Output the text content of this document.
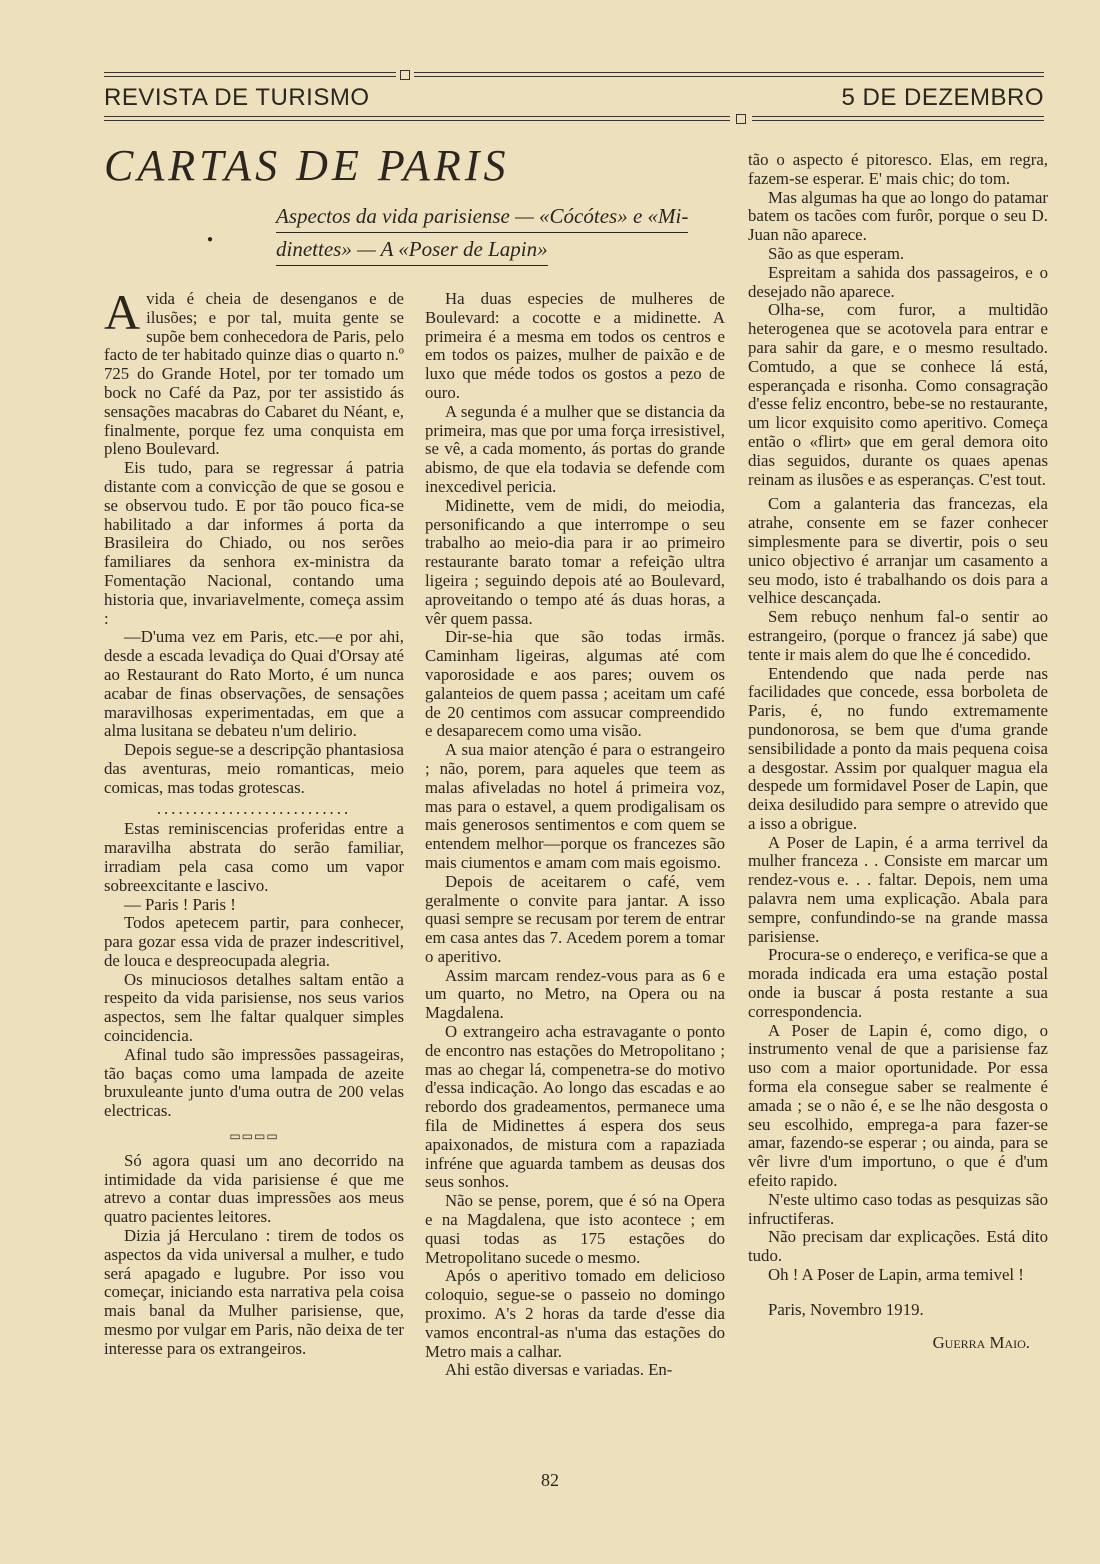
REVISTA DE TURISMO	5 DE DEZEMBRO
CARTAS DE PARIS
●
Aspectos da vida parisiense — «Cócótes» e «Mi-
dinettes» — A «Poser de Lapin»

Avida é cheia de desenganos e de ilusões; e por tal, muita gente se supõe bem conhecedora de Paris, pelo facto de ter habitado quinze dias o quarto n.º 725 do Grande Hotel, por ter tomado um bock no Café da Paz, por ter assistido ás sensações macabras do Cabaret du Néant, e, finalmente, porque fez uma conquista em pleno Boulevard.

Eis tudo, para se regressar á patria distante com a convicção de que se gosou e se observou tudo. E por tão pouco fica-se habilitado a dar informes á porta da Brasileira do Chiado, ou nos serões familiares da senhora ex-ministra da Fomentação Nacional, contando uma historia que, invariavelmente, começa assim :

—D'uma vez em Paris, etc.—e por ahi, desde a escada levadiça do Quai d'Orsay até ao Restaurant do Rato Morto, é um nunca acabar de finas observações, de sensações maravilhosas experimentadas, em que a alma lusitana se debateu n'um delirio.

Depois segue-se a descripção phantasiosa das aventuras, meio romanticas, meio comicas, mas todas grotescas.

...........................

Estas reminiscencias proferidas entre a maravilha abstrata do serão familiar, irradiam pela casa como um vapor sobreexcitante e lascivo.

— Paris ! Paris !

Todos apetecem partir, para conhecer, para gozar essa vida de prazer indescritivel, de louca e despreocupada alegria.

Os minuciosos detalhes saltam então a respeito da vida parisiense, nos seus varios aspectos, sem lhe faltar qualquer simples coincidencia.

Afinal tudo são impressões passageiras, tão baças como uma lampada de azeite bruxuleante junto d'uma outra de 200 velas electricas.

▭▭▭▭

Só agora quasi um ano decorrido na intimidade da vida parisiense é que me atrevo a contar duas impressões aos meus quatro pacientes leitores.

Dizia já Herculano : tirem de todos os aspectos da vida universal a mulher, e tudo será apagado e lugubre. Por isso vou começar, iniciando esta narrativa pela coisa mais banal da Mulher parisiense, que, mesmo por vulgar em Paris, não deixa de ter interesse para os extrangeiros.

Ha duas especies de mulheres de Boulevard: a cocotte e a midinette. A primeira é a mesma em todos os centros e em todos os paizes, mulher de paixão e de luxo que méde todos os gostos a pezo de ouro.

A segunda é a mulher que se distancia da primeira, mas que por uma força irresistivel, se vê, a cada momento, ás portas do grande abismo, de que ela todavia se defende com inexcedivel pericia.

Midinette, vem de midi, do meiodia, personificando a que interrompe o seu trabalho ao meio-dia para ir ao primeiro restaurante barato tomar a refeição ultra ligeira ; seguindo depois até ao Boulevard, aproveitando o tempo até ás duas horas, a vêr quem passa.

Dir-se-hia que são todas irmãs. Caminham ligeiras, algumas até com vaporosidade e aos pares; ouvem os galanteios de quem passa ; aceitam um café de 20 centimos com assucar compreendido e desaparecem como uma visão.

A sua maior atenção é para o estrangeiro ; não, porem, para aqueles que teem as malas afiveladas no hotel á primeira voz, mas para o estavel, a quem prodigalisam os mais generosos sentimentos e com quem se entendem melhor—porque os francezes são mais ciumentos e amam com mais egoismo.

Depois de aceitarem o café, vem geralmente o convite para jantar. A isso quasi sempre se recusam por terem de entrar em casa antes das 7. Acedem porem a tomar o aperitivo.

Assim marcam rendez-vous para as 6 e um quarto, no Metro, na Opera ou na Magdalena.

O extrangeiro acha estravagante o ponto de encontro nas estações do Metropolitano ; mas ao chegar lá, compenetra-se do motivo d'essa indicação. Ao longo das escadas e ao rebordo dos gradeamentos, permanece uma fila de Midinettes á espera dos seus apaixonados, de mistura com a rapaziada infréne que aguarda tambem as deusas dos seus sonhos.

Não se pense, porem, que é só na Opera e na Magdalena, que isto acontece ; em quasi todas as 175 estações do Metropolitano sucede o mesmo.

Após o aperitivo tomado em delicioso coloquio, segue-se o passeio no domingo proximo. A's 2 horas da tarde d'esse dia vamos encontral-as n'uma das estações do Metro mais a calhar.

Ahi estão diversas e variadas. En-

tão o aspecto é pitoresco. Elas, em regra, fazem-se esperar. E' mais chic; do tom.

Mas algumas ha que ao longo do patamar batem os tacões com furôr, porque o seu D. Juan não aparece.

São as que esperam.

Espreitam a sahida dos passageiros, e o desejado não aparece.

Olha-se, com furor, a multidão heterogenea que se acotovela para entrar e para sahir da gare, e o mesmo resultado. Comtudo, a que se conhece lá está, esperançada e risonha. Como consagração d'esse feliz encontro, bebe-se no restaurante, um licor exquisito como aperitivo. Começa então o «flirt» que em geral demora oito dias seguidos, durante os quaes apenas reinam as ilusões e as esperanças. C'est tout.

Com a galanteria das francezas, ela atrahe, consente em se fazer conhecer simplesmente para se divertir, pois o seu unico objectivo é arranjar um casamento a seu modo, isto é trabalhando os dois para a velhice descançada.

Sem rebuço nenhum fal-o sentir ao estrangeiro, (porque o francez já sabe) que tente ir mais alem do que lhe é concedido.

Entendendo que nada perde nas facilidades que concede, essa borboleta de Paris, é, no fundo extremamente pundonorosa, se bem que d'uma grande sensibilidade a ponto da mais pequena coisa a desgostar. Assim por qualquer magua ela despede um formidavel Poser de Lapin, que deixa desiludido para sempre o atrevido que a isso a obrigue.

A Poser de Lapin, é a arma terrivel da mulher franceza . . Consiste em marcar um rendez-vous e. . . faltar. Depois, nem uma palavra nem uma explicação. Abala para sempre, confundindo-se na grande massa parisiense.

Procura-se o endereço, e verifica-se que a morada indicada era uma estação postal onde ia buscar á posta restante a sua correspondencia.

A Poser de Lapin é, como digo, o instrumento venal de que a parisiense faz uso com a maior oportunidade. Por essa forma ela consegue saber se realmente é amada ; se o não é, e se lhe não desgosta o seu escolhido, emprega-a para fazer-se amar, fazendo-se esperar ; ou ainda, para se vêr livre d'um importuno, o que é d'um efeito rapido.

N'este ultimo caso todas as pesquizas são infructiferas.

Não precisam dar explicações. Está dito tudo.

Oh ! A Poser de Lapin, arma temivel !

Paris, Novembro 1919.

Guerra Maio.
82
